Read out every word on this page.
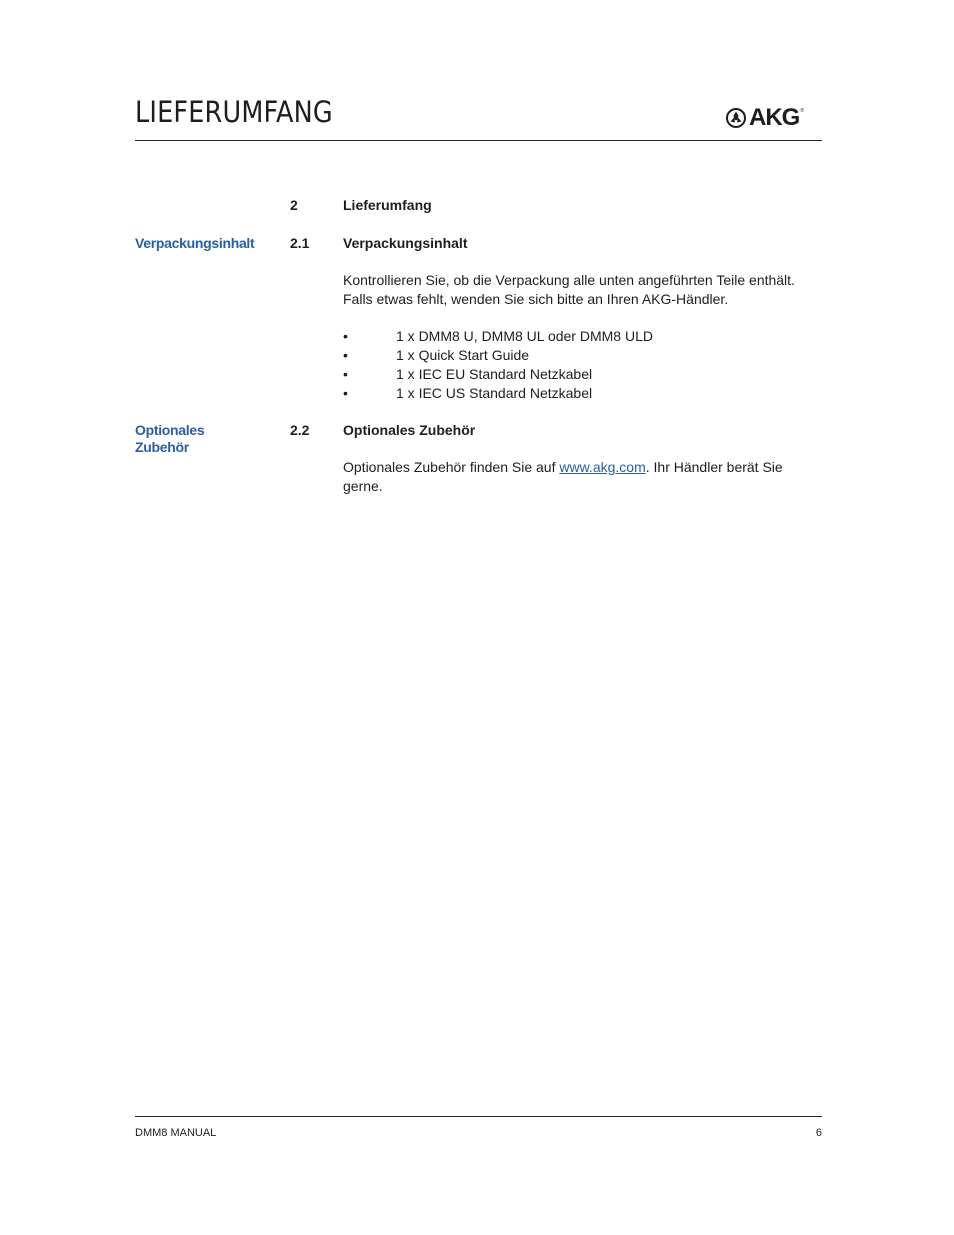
LIEFERUMFANG	AKG ®
2	Lieferumfang
Verpackungsinhalt	2.1 Verpackungsinhalt
Kontrollieren Sie, ob die Verpackung alle unten angeführten Teile enthält. Falls etwas fehlt, wenden Sie sich bitte an Ihren AKG-Händler.
•	1 x DMM8 U, DMM8 UL oder DMM8 ULD
•	1 x Quick Start Guide
•	1 x IEC EU Standard Netzkabel
•	1 x IEC US Standard Netzkabel
Optionales
Zubehör
2.2 Optionales Zubehör
Optionales Zubehör finden Sie auf www.akg.com. Ihr Händler berät Sie gerne.
DMM8 MANUAL	6
